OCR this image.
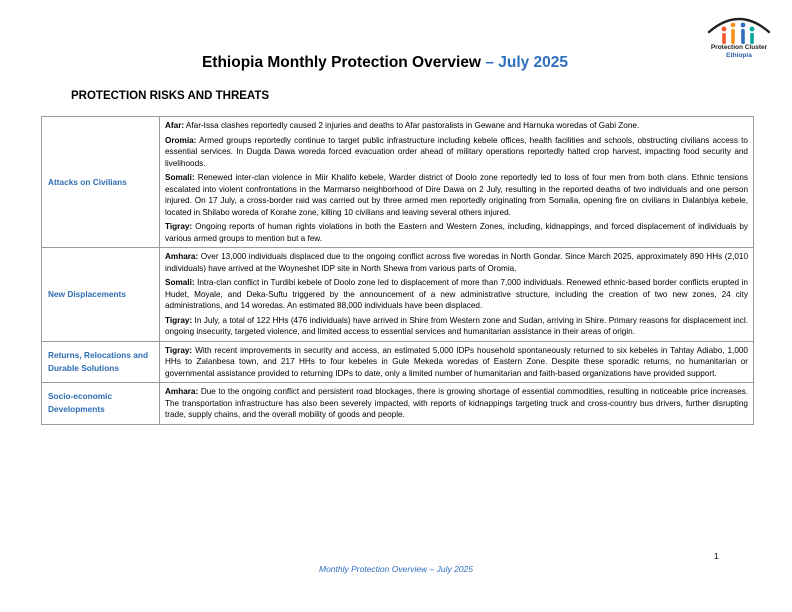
Protection Cluster
Ethiopia
Ethiopia Monthly Protection Overview – July 2025
PROTECTION RISKS AND THREATS
Attacks on Civilians	Afar: Afar-Issa clashes reportedly caused 2 injuries and deaths to Afar pastoralists in Gewane and Harnuka woredas of Gabi Zone.

Oromia: Armed groups reportedly continue to target public infrastructure including kebele offices, health facilities and schools, obstructing civilians access to essential services. In Dugda Dawa woreda forced evacuation order ahead of military operations reportedly halted crop harvest, impacting food security and livelihoods.

Somali: Renewed inter-clan violence in Miir Khalifo kebele, Warder district of Doolo zone reportedly led to loss of four men from both clans. Ethnic tensions escalated into violent confrontations in the Marmarso neighborhood of Dire Dawa on 2 July, resulting in the reported deaths of two individuals and one person injured. On 17 July, a cross-border raid was carried out by three armed men reportedly originating from Somalia, opening fire on civilians in Dalanbiya kebele, located in Shilabo woreda of Korahe zone, killing 10 civilians and leaving several others injured.

Tigray: Ongoing reports of human rights violations in both the Eastern and Western Zones, including, kidnappings, and forced displacement of individuals by various armed groups to mention but a few.

New Displacements	Amhara: Over 13,000 individuals displaced due to the ongoing conflict across five woredas in North Gondar. Since March 2025, approximately 890 HHs (2,010 individuals) have arrived at the Woyneshet IDP site in North Shewa from various parts of Oromia.

Somali: Intra-clan conflict in Turdibi kebele of Doolo zone led to displacement of more than 7,000 individuals. Renewed ethnic-based border conflicts erupted in Hudet, Moyale, and Deka-Suftu triggered by the announcement of a new administrative structure, including the creation of two new zones, 24 city administrations, and 14 woredas. An estimated 88,000 individuals have been displaced.

Tigray: In July, a total of 122 HHs (476 individuals) have arrived in Shire from Western zone and Sudan, arriving in Shire. Primary reasons for displacement incl. ongoing insecurity, targeted violence, and limited access to essential services and humanitarian assistance in their areas of origin.

Returns, Relocations and Durable Solutions	Tigray: With recent improvements in security and access, an estimated 5,000 IDPs household spontaneously returned to six kebeles in Tahtay Adiabo, 1,000 HHs to Zalanbesa town, and 217 HHs to four kebeles in Gule Mekeda woredas of Eastern Zone. Despite these sporadic returns, no humanitarian or governmental assistance provided to returning IDPs to date, only a limited number of humanitarian and faith-based organizations have provided support.

Socio-economic Developments	Amhara: Due to the ongoing conflict and persistent road blockages, there is growing shortage of essential commodities, resulting in noticeable price increases. The transportation infrastructure has also been severely impacted, with reports of kidnappings targeting truck and cross-country bus drivers, further disrupting trade, supply chains, and the overall mobility of goods and people.

1
Monthly Protection Overview – July 2025
